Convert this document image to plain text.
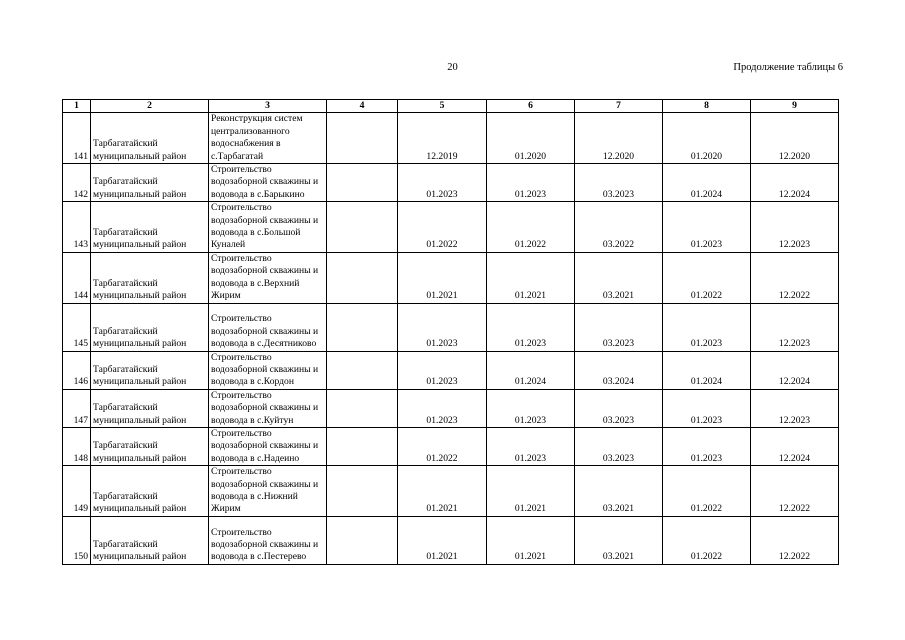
20	Продолжение таблицы 6
1	2	3	4	5	6	7	8	9
141	Тарбагатайский муниципальный район	Реконструкция систем централизованного водоснабжения в с.Тарбагатай		12.2019	01.2020	12.2020	01.2020	12.2020
142	Тарбагатайский муниципальный район	Строительство водозаборной скважины и водовода в с.Барыкино		01.2023	01.2023	03.2023	01.2024	12.2024
143	Тарбагатайский муниципальный район	Строительство водозаборной скважины и водовода в с.Большой Куналей		01.2022	01.2022	03.2022	01.2023	12.2023
144	Тарбагатайский муниципальный район	Строительство водозаборной скважины и водовода в с.Верхний Жирим		01.2021	01.2021	03.2021	01.2022	12.2022
145	Тарбагатайский муниципальный район	Строительство водозаборной скважины и водовода в с.Десятниково		01.2023	01.2023	03.2023	01.2023	12.2023
146	Тарбагатайский муниципальный район	Строительство водозаборной скважины и водовода в с.Кордон		01.2023	01.2024	03.2024	01.2024	12.2024
147	Тарбагатайский муниципальный район	Строительство водозаборной скважины и водовода в с.Куйтун		01.2023	01.2023	03.2023	01.2023	12.2023
148	Тарбагатайский муниципальный район	Строительство водозаборной скважины и водовода в с.Надеино		01.2022	01.2023	03.2023	01.2023	12.2024
149	Тарбагатайский муниципальный район	Строительство водозаборной скважины и водовода в с.Нижний Жирим		01.2021	01.2021	03.2021	01.2022	12.2022
150	Тарбагатайский муниципальный район	Строительство водозаборной скважины и водовода в с.Пестерево		01.2021	01.2021	03.2021	01.2022	12.2022
